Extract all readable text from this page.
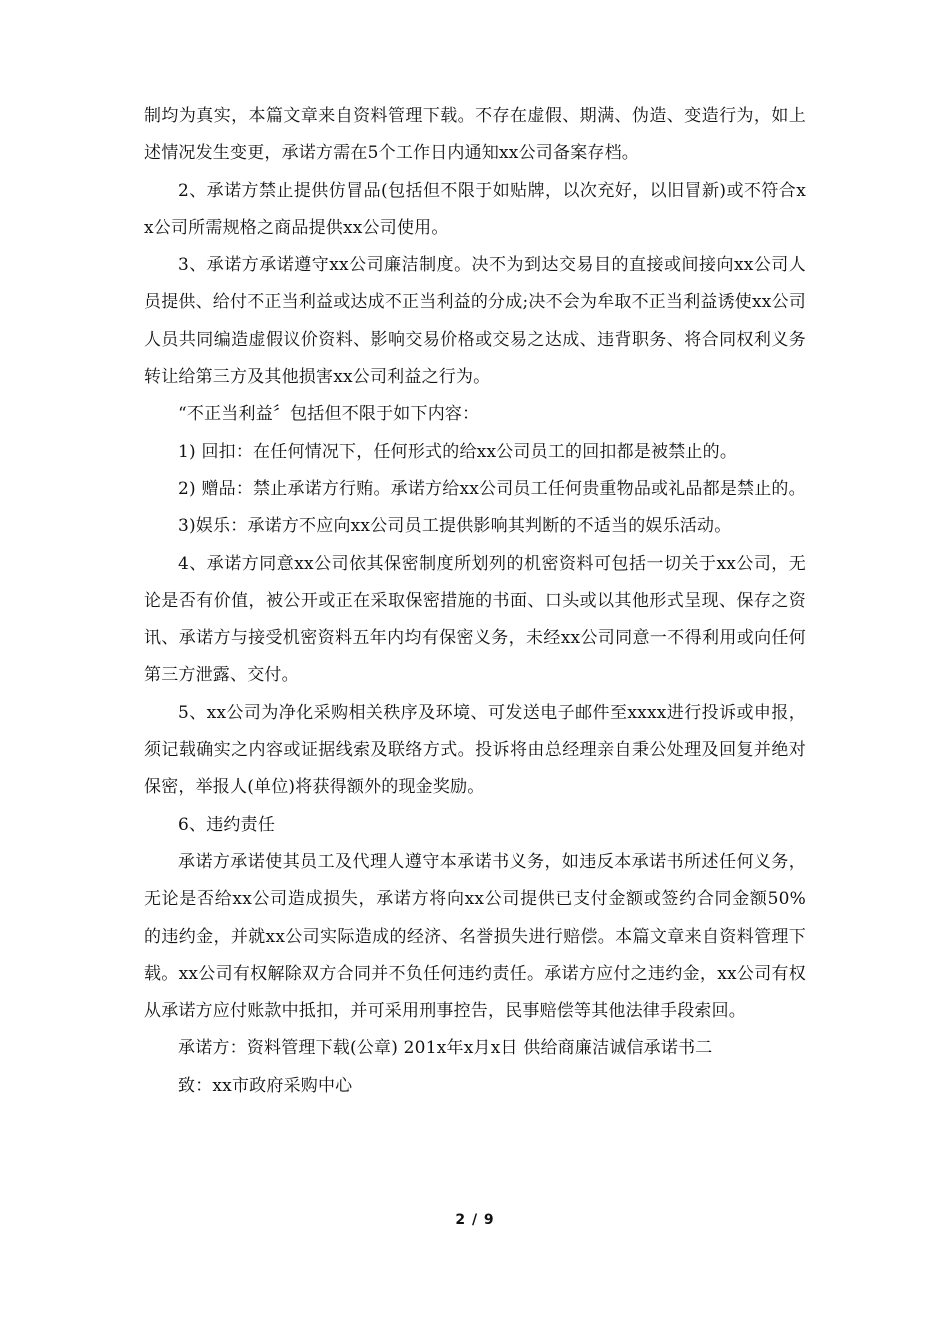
制均为真实，本篇文章来自资料管理下载。不存在虚假、期满、伪造、变造行为，如上述情况发生变更，承诺方需在5个工作日内通知xx公司备案存档。

2、承诺方禁止提供仿冒品(包括但不限于如贴牌，以次充好，以旧冒新)或不符合xx公司所需规格之商品提供xx公司使用。

3、承诺方承诺遵守xx公司廉洁制度。决不为到达交易目的直接或间接向xx公司人员提供、给付不正当利益或达成不正当利益的分成;决不会为牟取不正当利益诱使xx公司人员共同编造虚假议价资料、影响交易价格或交易之达成、违背职务、将合同权利义务转让给第三方及其他损害xx公司利益之行为。

“不正当利益〞包括但不限于如下内容：

1) 回扣：在任何情况下，任何形式的给xx公司员工的回扣都是被禁止的。

2) 赠品：禁止承诺方行贿。承诺方给xx公司员工任何贵重物品或礼品都是禁止的。

3)娱乐：承诺方不应向xx公司员工提供影响其判断的不适当的娱乐活动。

4、承诺方同意xx公司依其保密制度所划列的机密资料可包括一切关于xx公司，无论是否有价值，被公开或正在采取保密措施的书面、口头或以其他形式呈现、保存之资讯、承诺方与接受机密资料五年内均有保密义务，未经xx公司同意一不得利用或向任何第三方泄露、交付。

5、xx公司为净化采购相关秩序及环境、可发送电子邮件至xxxx进行投诉或申报，须记载确实之内容或证据线索及联络方式。投诉将由总经理亲自秉公处理及回复并绝对保密，举报人(单位)将获得额外的现金奖励。

6、违约责任

承诺方承诺使其员工及代理人遵守本承诺书义务，如违反本承诺书所述任何义务，无论是否给xx公司造成损失，承诺方将向xx公司提供已支付金额或签约合同金额50%的违约金，并就xx公司实际造成的经济、名誉损失进行赔偿。本篇文章来自资料管理下载。xx公司有权解除双方合同并不负任何违约责任。承诺方应付之违约金，xx公司有权从承诺方应付账款中抵扣，并可采用刑事控告，民事赔偿等其他法律手段索回。

承诺方：资料管理下载(公章) 201x年x月x日 供给商廉洁诚信承诺书二

致：xx市政府采购中心

2 / 9
